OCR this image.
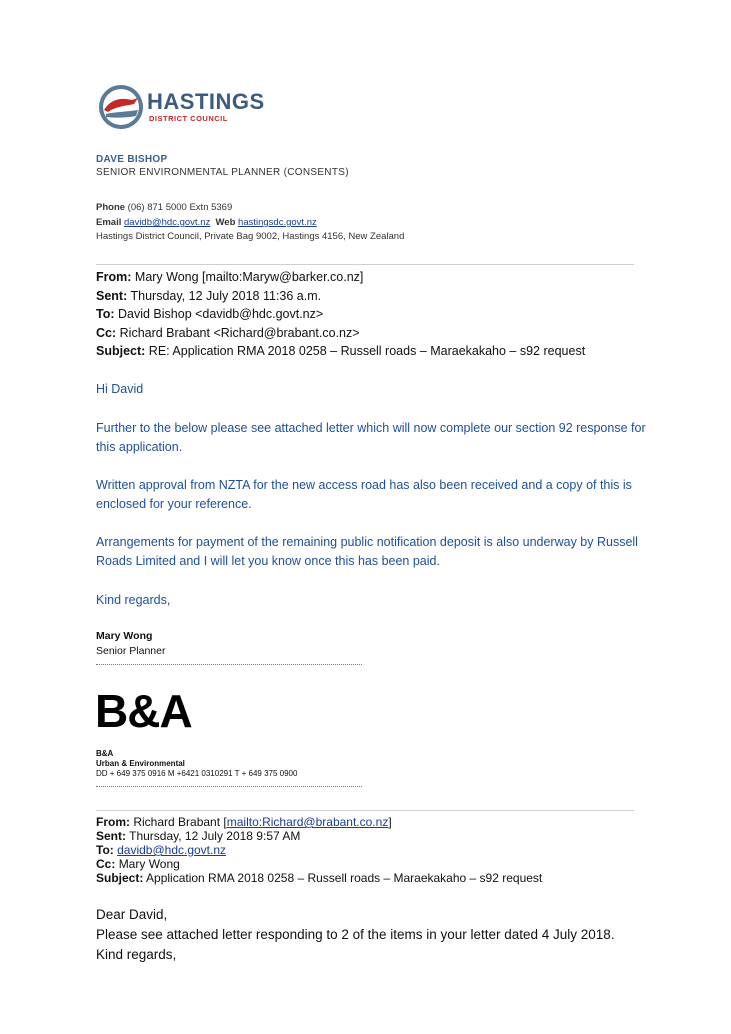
HASTINGS
DISTRICT COUNCIL
DAVE BISHOP
SENIOR ENVIRONMENTAL PLANNER (CONSENTS)
Phone (06) 871 5000 Extn 5369
Email davidb@hdc.govt.nz Web hastingsdc.govt.nz
Hastings District Council, Private Bag 9002, Hastings 4156, New Zealand
From: Mary Wong [mailto:Maryw@barker.co.nz]
Sent: Thursday, 12 July 2018 11:36 a.m.
To: David Bishop <davidb@hdc.govt.nz>
Cc: Richard Brabant <Richard@brabant.co.nz>
Subject: RE: Application RMA 2018 0258 – Russell roads – Maraekakaho – s92 request
Hi David
Further to the below please see attached letter which will now complete our section 92 response for this application.
Written approval from NZTA for the new access road has also been received and a copy of this is enclosed for your reference.
Arrangements for payment of the remaining public notification deposit is also underway by Russell Roads Limited and I will let you know once this has been paid.
Kind regards,
Mary Wong
Senior Planner
B&A
B&A
Urban & Environmental
DD + 649 375 0916 M +6421 0310291 T + 649 375 0900
From: Richard Brabant [mailto:Richard@brabant.co.nz]
Sent: Thursday, 12 July 2018 9:57 AM
To: davidb@hdc.govt.nz
Cc: Mary Wong
Subject: Application RMA 2018 0258 – Russell roads – Maraekakaho – s92 request
Dear David,
Please see attached letter responding to 2 of the items in your letter dated 4 July 2018.
Kind regards,
